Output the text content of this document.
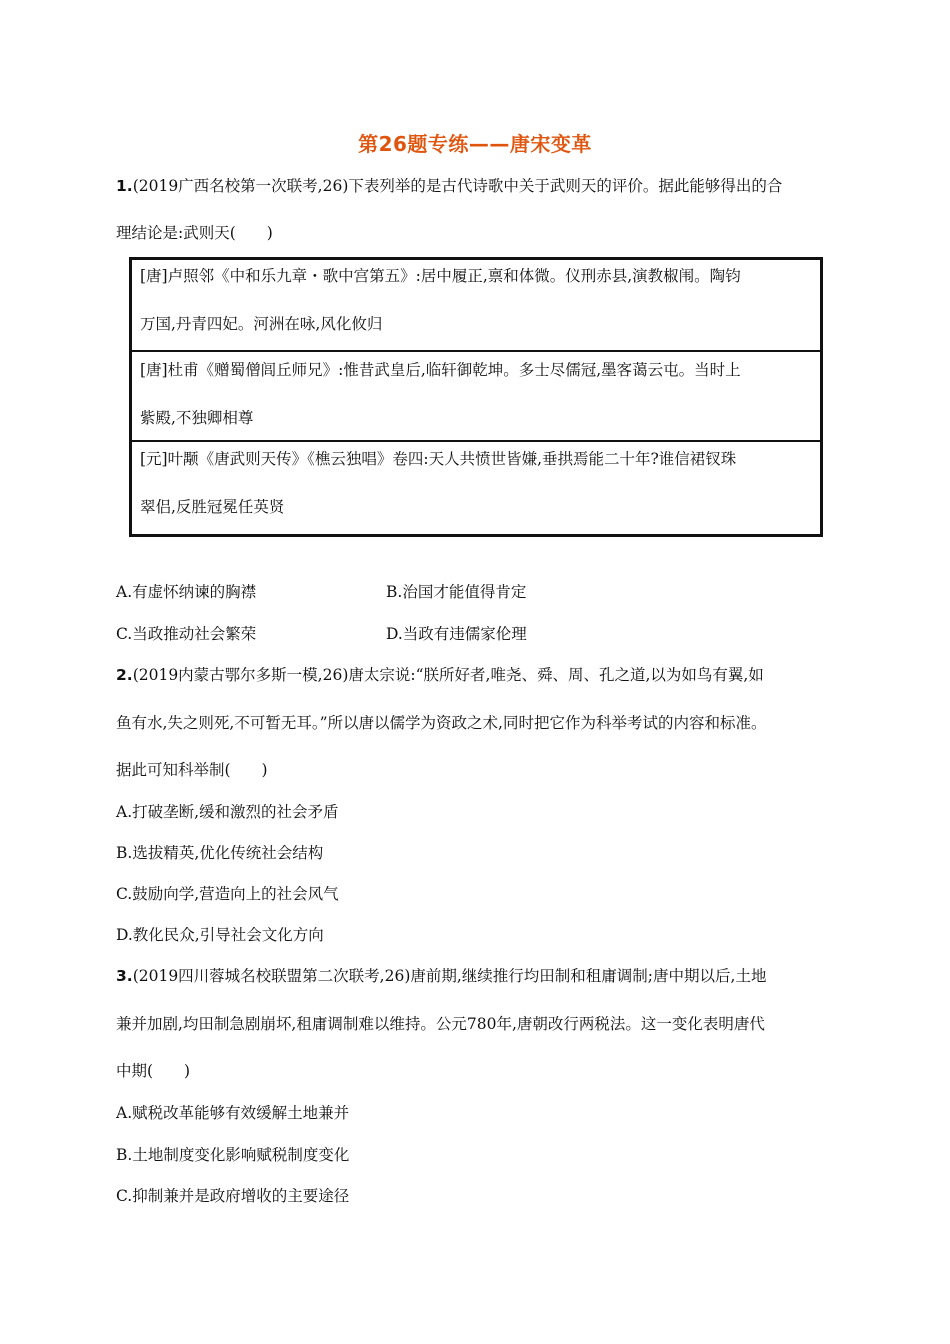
第26题专练——唐宋变革
1.(2019广西名校第一次联考,26)下表列举的是古代诗歌中关于武则天的评价。据此能够得出的合
理结论是:武则天(　　)
[唐]卢照邻《中和乐九章・歌中宫第五》:居中履正,禀和体微。仪刑赤县,演教椒闱。陶钧
万国,丹青四妃。河洲在咏,风化攸归
[唐]杜甫《赠蜀僧闾丘师兄》:惟昔武皇后,临轩御乾坤。多士尽儒冠,墨客蔼云屯。当时上
紫殿,不独卿相尊
[元]叶颙《唐武则天传》《樵云独唱》卷四:天人共愤世皆嫌,垂拱焉能二十年?谁信裙钗珠
翠侣,反胜冠冕任英贤
A.有虚怀纳谏的胸襟	B.治国才能值得肯定
C.当政推动社会繁荣	D.当政有违儒家伦理
2.(2019内蒙古鄂尔多斯一模,26)唐太宗说:“朕所好者,唯尧、舜、周、孔之道,以为如鸟有翼,如
鱼有水,失之则死,不可暂无耳。”所以唐以儒学为资政之术,同时把它作为科举考试的内容和标准。
据此可知科举制(　　)
A.打破垄断,缓和激烈的社会矛盾
B.选拔精英,优化传统社会结构
C.鼓励向学,营造向上的社会风气
D.教化民众,引导社会文化方向
3.(2019四川蓉城名校联盟第二次联考,26)唐前期,继续推行均田制和租庸调制;唐中期以后,土地
兼并加剧,均田制急剧崩坏,租庸调制难以维持。公元780年,唐朝改行两税法。这一变化表明唐代
中期(　　)
A.赋税改革能够有效缓解土地兼并
B.土地制度变化影响赋税制度变化
C.抑制兼并是政府增收的主要途径
